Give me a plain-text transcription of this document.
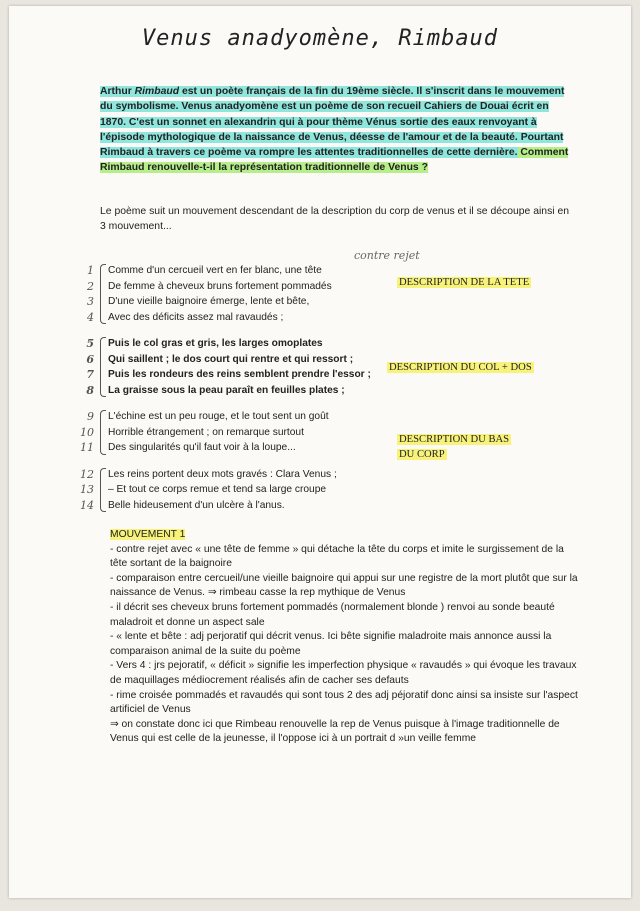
Venus anadyomène, Rimbaud
Arthur Rimbaud est un poète français de la fin du 19ème siècle. Il s'inscrit dans le mouvement du symbolisme. Venus anadyomène est un poème de son recueil Cahiers de Douai écrit en 1870. C'est un sonnet en alexandrin qui à pour thème Vénus sortie des eaux renvoyant à l'épisode mythologique de la naissance de Venus, déesse de l'amour et de la beauté. Pourtant Rimbaud à travers ce poème va rompre les attentes traditionnelles de cette dernière. Comment Rimbaud renouvelle-t-il la représentation traditionnelle de Venus ?
Le poème suit un mouvement descendant de la description du corp de venus et il se découpe ainsi en 3 mouvement...
contre rejet
1 Comme d'un cercueil vert en fer blanc, une tête
2 De femme à cheveux bruns fortement pommadés
3 D'une vieille baignoire émerge, lente et bête,
4 Avec des déficits assez mal ravaudés ;
5 Puis le col gras et gris, les larges omoplates
6 Qui saillent ; le dos court qui rentre et qui ressort ;
7 Puis les rondeurs des reins semblent prendre l'essor ;
8 La graisse sous la peau paraît en feuilles plates ;
9 L'échine est un peu rouge, et le tout sent un goût
10 Horrible étrangement ; on remarque surtout
11 Des singularités qu'il faut voir à la loupe...
12 Les reins portent deux mots gravés : Clara Venus ;
13 – Et tout ce corps remue et tend sa large croupe
14 Belle hideusement d'un ulcère à l'anus.
DESCRIPTION DE LA TETE
DESCRIPTION DU COL + DOS
DESCRIPTION DU BAS
DU CORP

MOUVEMENT 1

- contre rejet avec « une tête de femme » qui détache la tête du corps et imite le surgissement de la tête sortant de la baignoire

- comparaison entre cercueil/une vieille baignoire qui appui sur une registre de la mort plutôt que sur la naissance de Venus. ⇒ rimbeau casse la rep mythique de Venus

- il décrit ses cheveux bruns fortement pommadés (normalement blonde ) renvoi au sonde beauté maladroit et donne un aspect sale

- « lente et bête : adj perjoratif qui décrit venus. Ici bête signifie maladroite mais annonce aussi la comparaison animal de la suite du poème

- Vers 4 : jrs pejoratif, « déficit » signifie les imperfection physique « ravaudés » qui évoque les travaux de maquillages médiocrement réalisés afin de cacher ses defauts

- rime croisée pommadés et ravaudés qui sont tous 2 des adj péjoratif donc ainsi sa insiste sur l'aspect artificiel de Venus

⇒ on constate donc ici que Rimbeau renouvelle la rep de Venus puisque à l'image traditionnelle de Venus qui est celle de la jeunesse, il l'oppose ici à un portrait d »un veille femme
